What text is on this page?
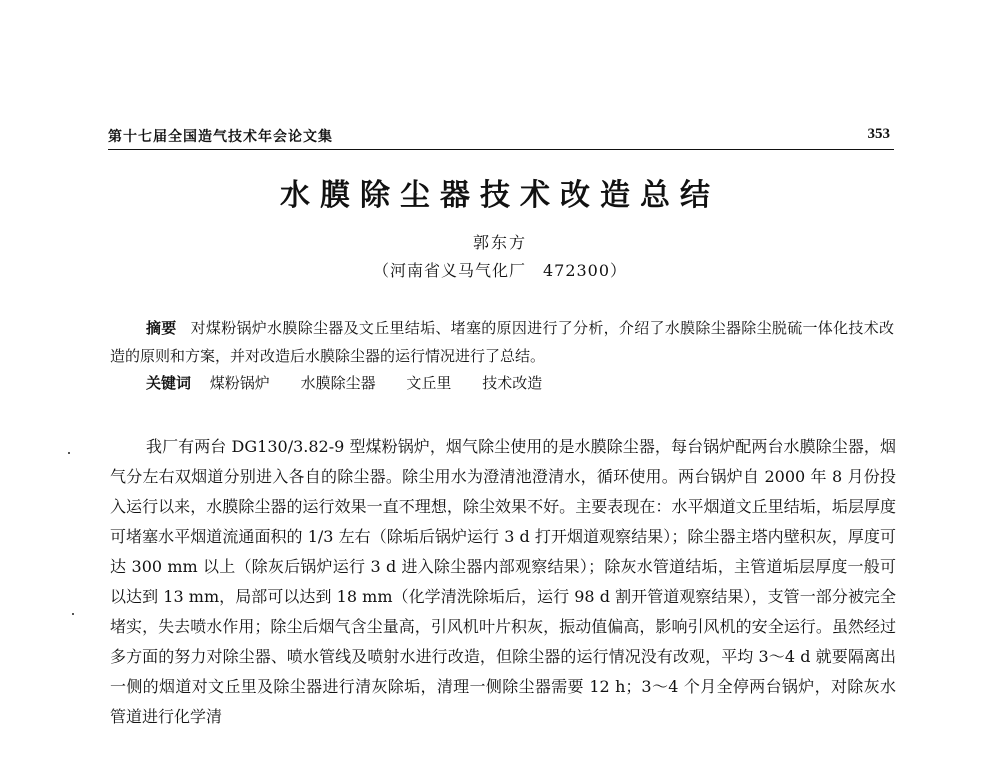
第十七届全国造气技术年会论文集	353
水膜除尘器技术改造总结
郭东方
（河南省义马气化厂　472300）

摘要 对煤粉锅炉水膜除尘器及文丘里结垢、堵塞的原因进行了分析，介绍了水膜除尘器除尘脱硫一体化技术改造的原则和方案，并对改造后水膜除尘器的运行情况进行了总结。

关键词 煤粉锅炉 水膜除尘器 文丘里 技术改造

我厂有两台 DG130/3.82-9 型煤粉锅炉，烟气除尘使用的是水膜除尘器，每台锅炉配两台水膜除尘器，烟气分左右双烟道分别进入各自的除尘器。除尘用水为澄清池澄清水，循环使用。两台锅炉自 2000 年 8 月份投入运行以来，水膜除尘器的运行效果一直不理想，除尘效果不好。主要表现在：水平烟道文丘里结垢，垢层厚度可堵塞水平烟道流通面积的 1/3 左右（除垢后锅炉运行 3 d 打开烟道观察结果）；除尘器主塔内壁积灰，厚度可达 300 mm 以上（除灰后锅炉运行 3 d 进入除尘器内部观察结果）；除灰水管道结垢，主管道垢层厚度一般可以达到 13 mm，局部可以达到 18 mm（化学清洗除垢后，运行 98 d 割开管道观察结果），支管一部分被完全堵实，失去喷水作用；除尘后烟气含尘量高，引风机叶片积灰，振动值偏高，影响引风机的安全运行。虽然经过多方面的努力对除尘器、喷水管线及喷射水进行改造，但除尘器的运行情况没有改观，平均 3～4 d 就要隔离出一侧的烟道对文丘里及除尘器进行清灰除垢，清理一侧除尘器需要 12 h；3～4 个月全停两台锅炉，对除灰水管道进行化学清
